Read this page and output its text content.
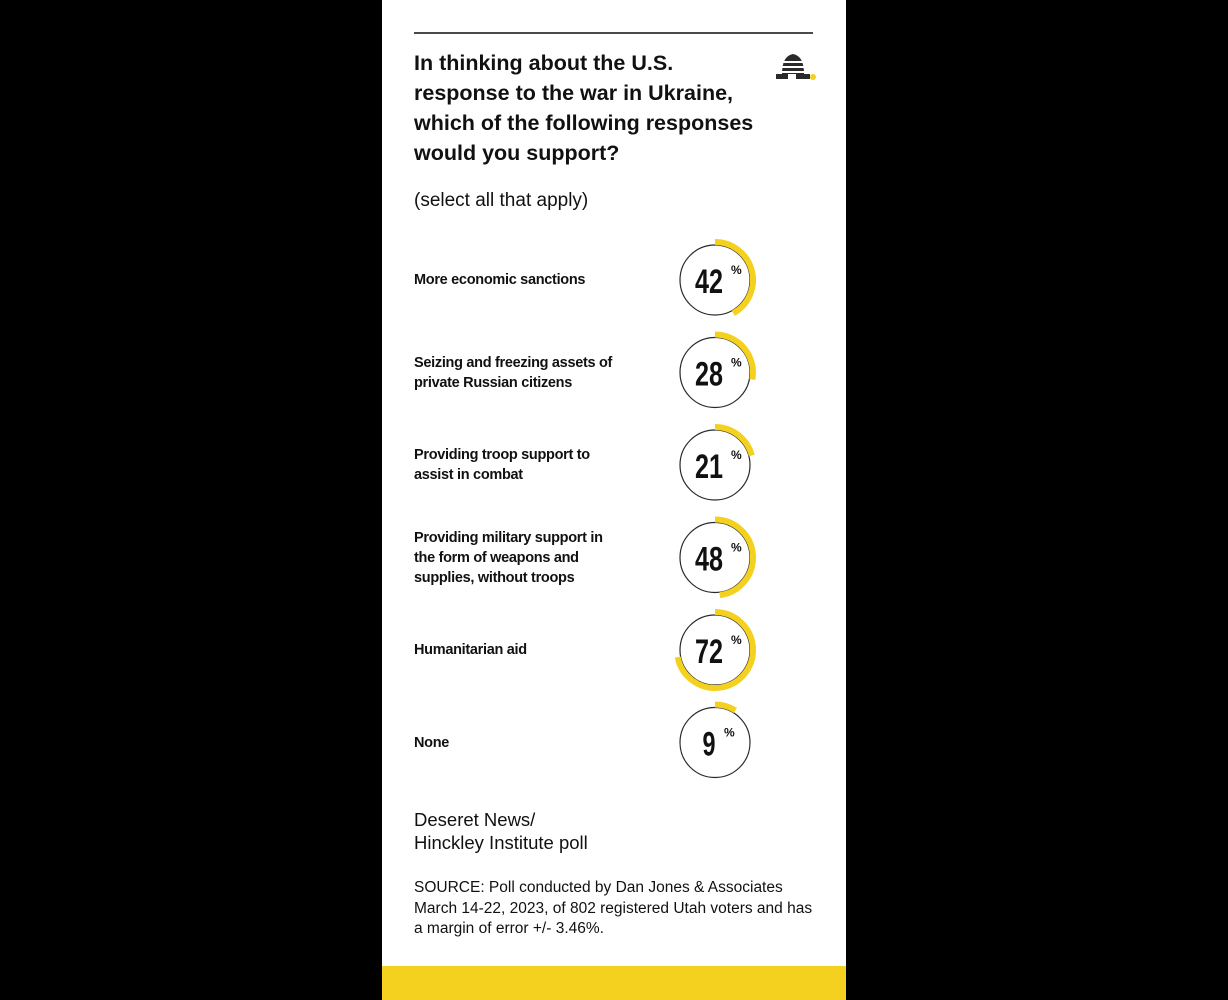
In thinking about the U.S. response to the war in Ukraine, which of the following responses would you support?
(select all that apply)
More economic sanctions
Seizing and freezing assets of private Russian citizens
Providing troop support to assist in combat
Providing military support in the form of weapons and supplies, without troops
Humanitarian aid
None
42 %
28 %
21 %
48 %
72 %
9 %
Deseret News/
Hinckley Institute poll
SOURCE: Poll conducted by Dan Jones & Associates March 14-22, 2023, of 802 registered Utah voters and has a margin of error +/- 3.46%.
